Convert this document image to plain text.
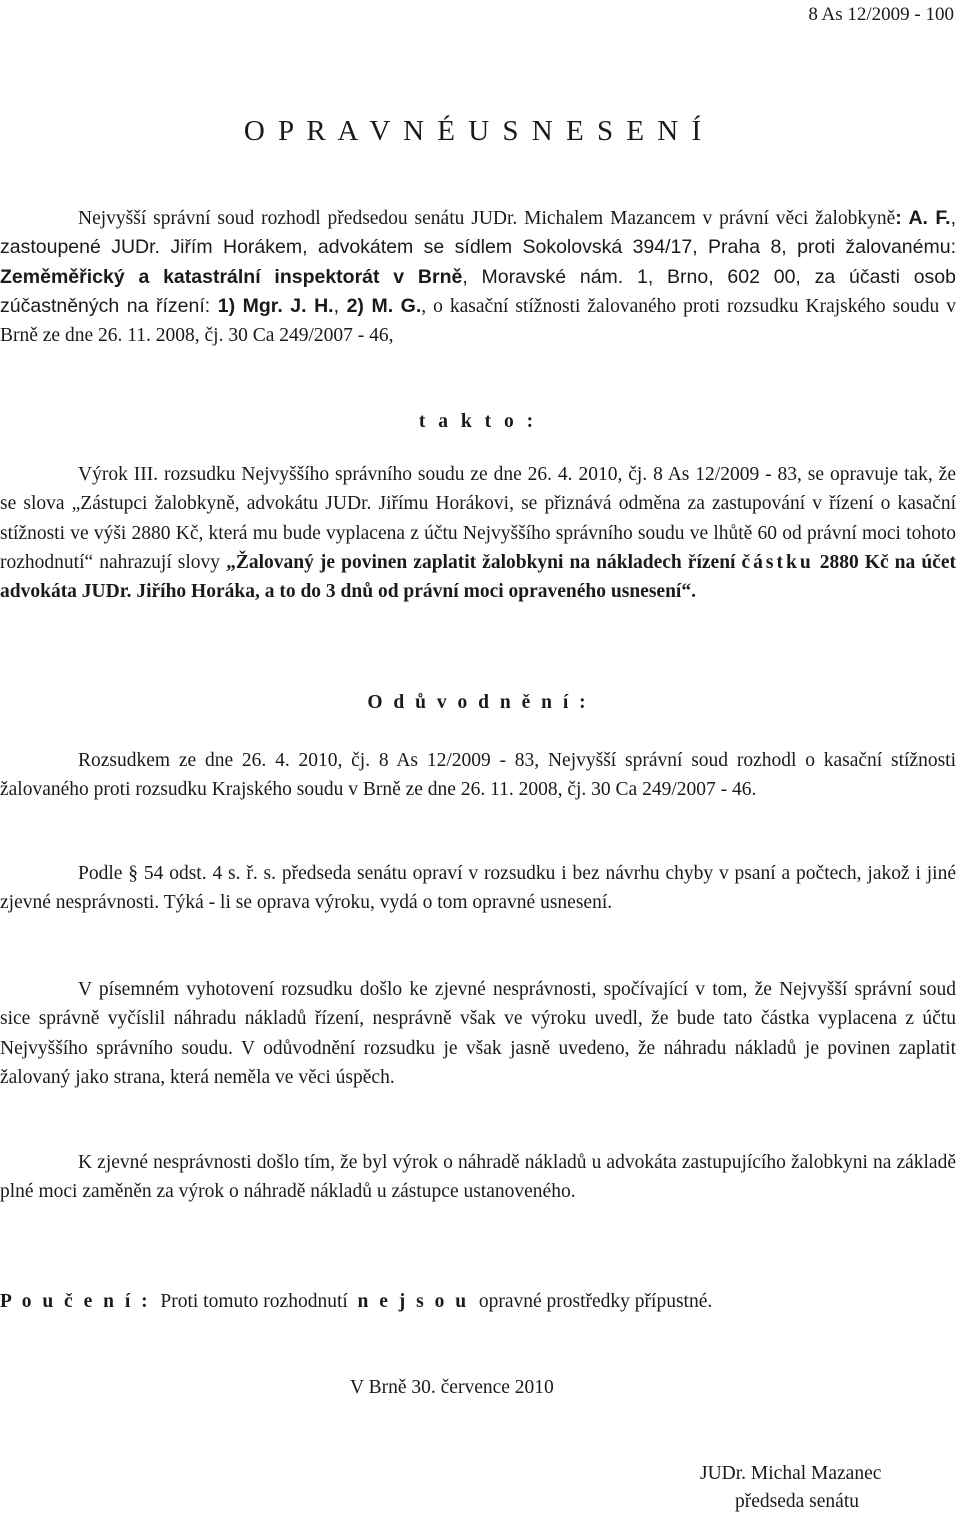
8 As 12/2009 - 100
O P R A V N É U S N E S E N Í

Nejvyšší správní soud rozhodl předsedou senátu JUDr. Michalem Mazancem v právní věci žalobkyně: A. F., zastoupené JUDr. Jiřím Horákem, advokátem se sídlem Sokolovská 394/17, Praha 8, proti žalovanému: Zeměměřický a katastrální inspektorát v Brně, Moravské nám. 1, Brno, 602 00, za účasti osob zúčastněných na řízení: 1) Mgr. J. H., 2) M. G., o kasační stížnosti žalovaného proti rozsudku Krajského soudu v Brně ze dne 26. 11. 2008, čj. 30 Ca 249/2007 - 46,

t a k t o :

Výrok III. rozsudku Nejvyššího správního soudu ze dne 26. 4. 2010, čj. 8 As 12/2009 - 83, se opravuje tak, že se slova „Zástupci žalobkyně, advokátu JUDr. Jiřímu Horákovi, se přiznává odměna za zastupování v řízení o kasační stížnosti ve výši 2880 Kč, která mu bude vyplacena z účtu Nejvyššího správního soudu ve lhůtě 60 od právní moci tohoto rozhodnutí“ nahrazují slovy „Žalovaný je povinen zaplatit žalobkyni na nákladech řízení částku 2880 Kč na účet advokáta JUDr. Jiřího Horáka, a to do 3 dnů od právní moci opraveného usnesení“.

O d ů v o d n ě n í :

Rozsudkem ze dne 26. 4. 2010, čj. 8 As 12/2009 - 83, Nejvyšší správní soud rozhodl o kasační stížnosti žalovaného proti rozsudku Krajského soudu v Brně ze dne 26. 11. 2008, čj. 30 Ca 249/2007 - 46.

Podle § 54 odst. 4 s. ř. s. předseda senátu opraví v rozsudku i bez návrhu chyby v psaní a počtech, jakož i jiné zjevné nesprávnosti. Týká - li se oprava výroku, vydá o tom opravné usnesení.

V písemném vyhotovení rozsudku došlo ke zjevné nesprávnosti, spočívající v tom, že Nejvyšší správní soud sice správně vyčíslil náhradu nákladů řízení, nesprávně však ve výroku uvedl, že bude tato částka vyplacena z účtu Nejvyššího správního soudu. V odůvodnění rozsudku je však jasně uvedeno, že náhradu nákladů je povinen zaplatit žalovaný jako strana, která neměla ve věci úspěch.

K zjevné nesprávnosti došlo tím, že byl výrok o náhradě nákladů u advokáta zastupujícího žalobkyni na základě plné moci zaměněn za výrok o náhradě nákladů u zástupce ustanoveného.

P o u č e n í :  Proti tomuto rozhodnutí  n e j s o u  opravné prostředky přípustné.
V Brně 30. července 2010
JUDr. Michal Mazanec
předseda senátu
